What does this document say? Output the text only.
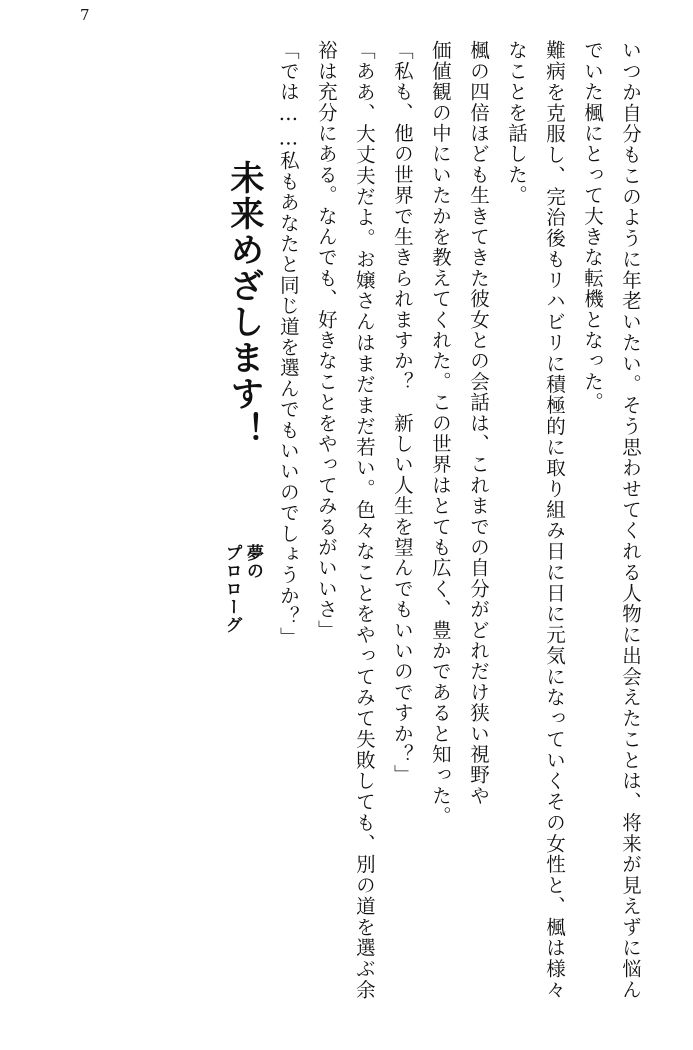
7
未来めざします！
夢の
プロローグ	いつか自分もこのように年老いたい。そう思わせてくれる人物に出会えたことは、将来が見えずに悩んでいた楓にとって大きな転機となった。

難病を克服し、完治後もリハビリに積極的に取り組み日に日に元気になっていくその女性と、楓は様々なことを話した。

楓の四倍ほども生きてきた彼女との会話は、これまでの自分がどれだけ狭い視野や

価値観の中にいたかを教えてくれた。この世界はとても広く、豊かであると知った。

「私も、他の世界で生きられますか？　新しい人生を望んでもいいのですか？」

「ああ、大丈夫だよ。お嬢さんはまだまだ若い。色々なことをやってみて失敗しても、別の道を選ぶ余裕は充分にある。なんでも、好きなことをやってみるがいいさ」

「では……私もあなたと同じ道を選んでもいいのでしょうか？」
